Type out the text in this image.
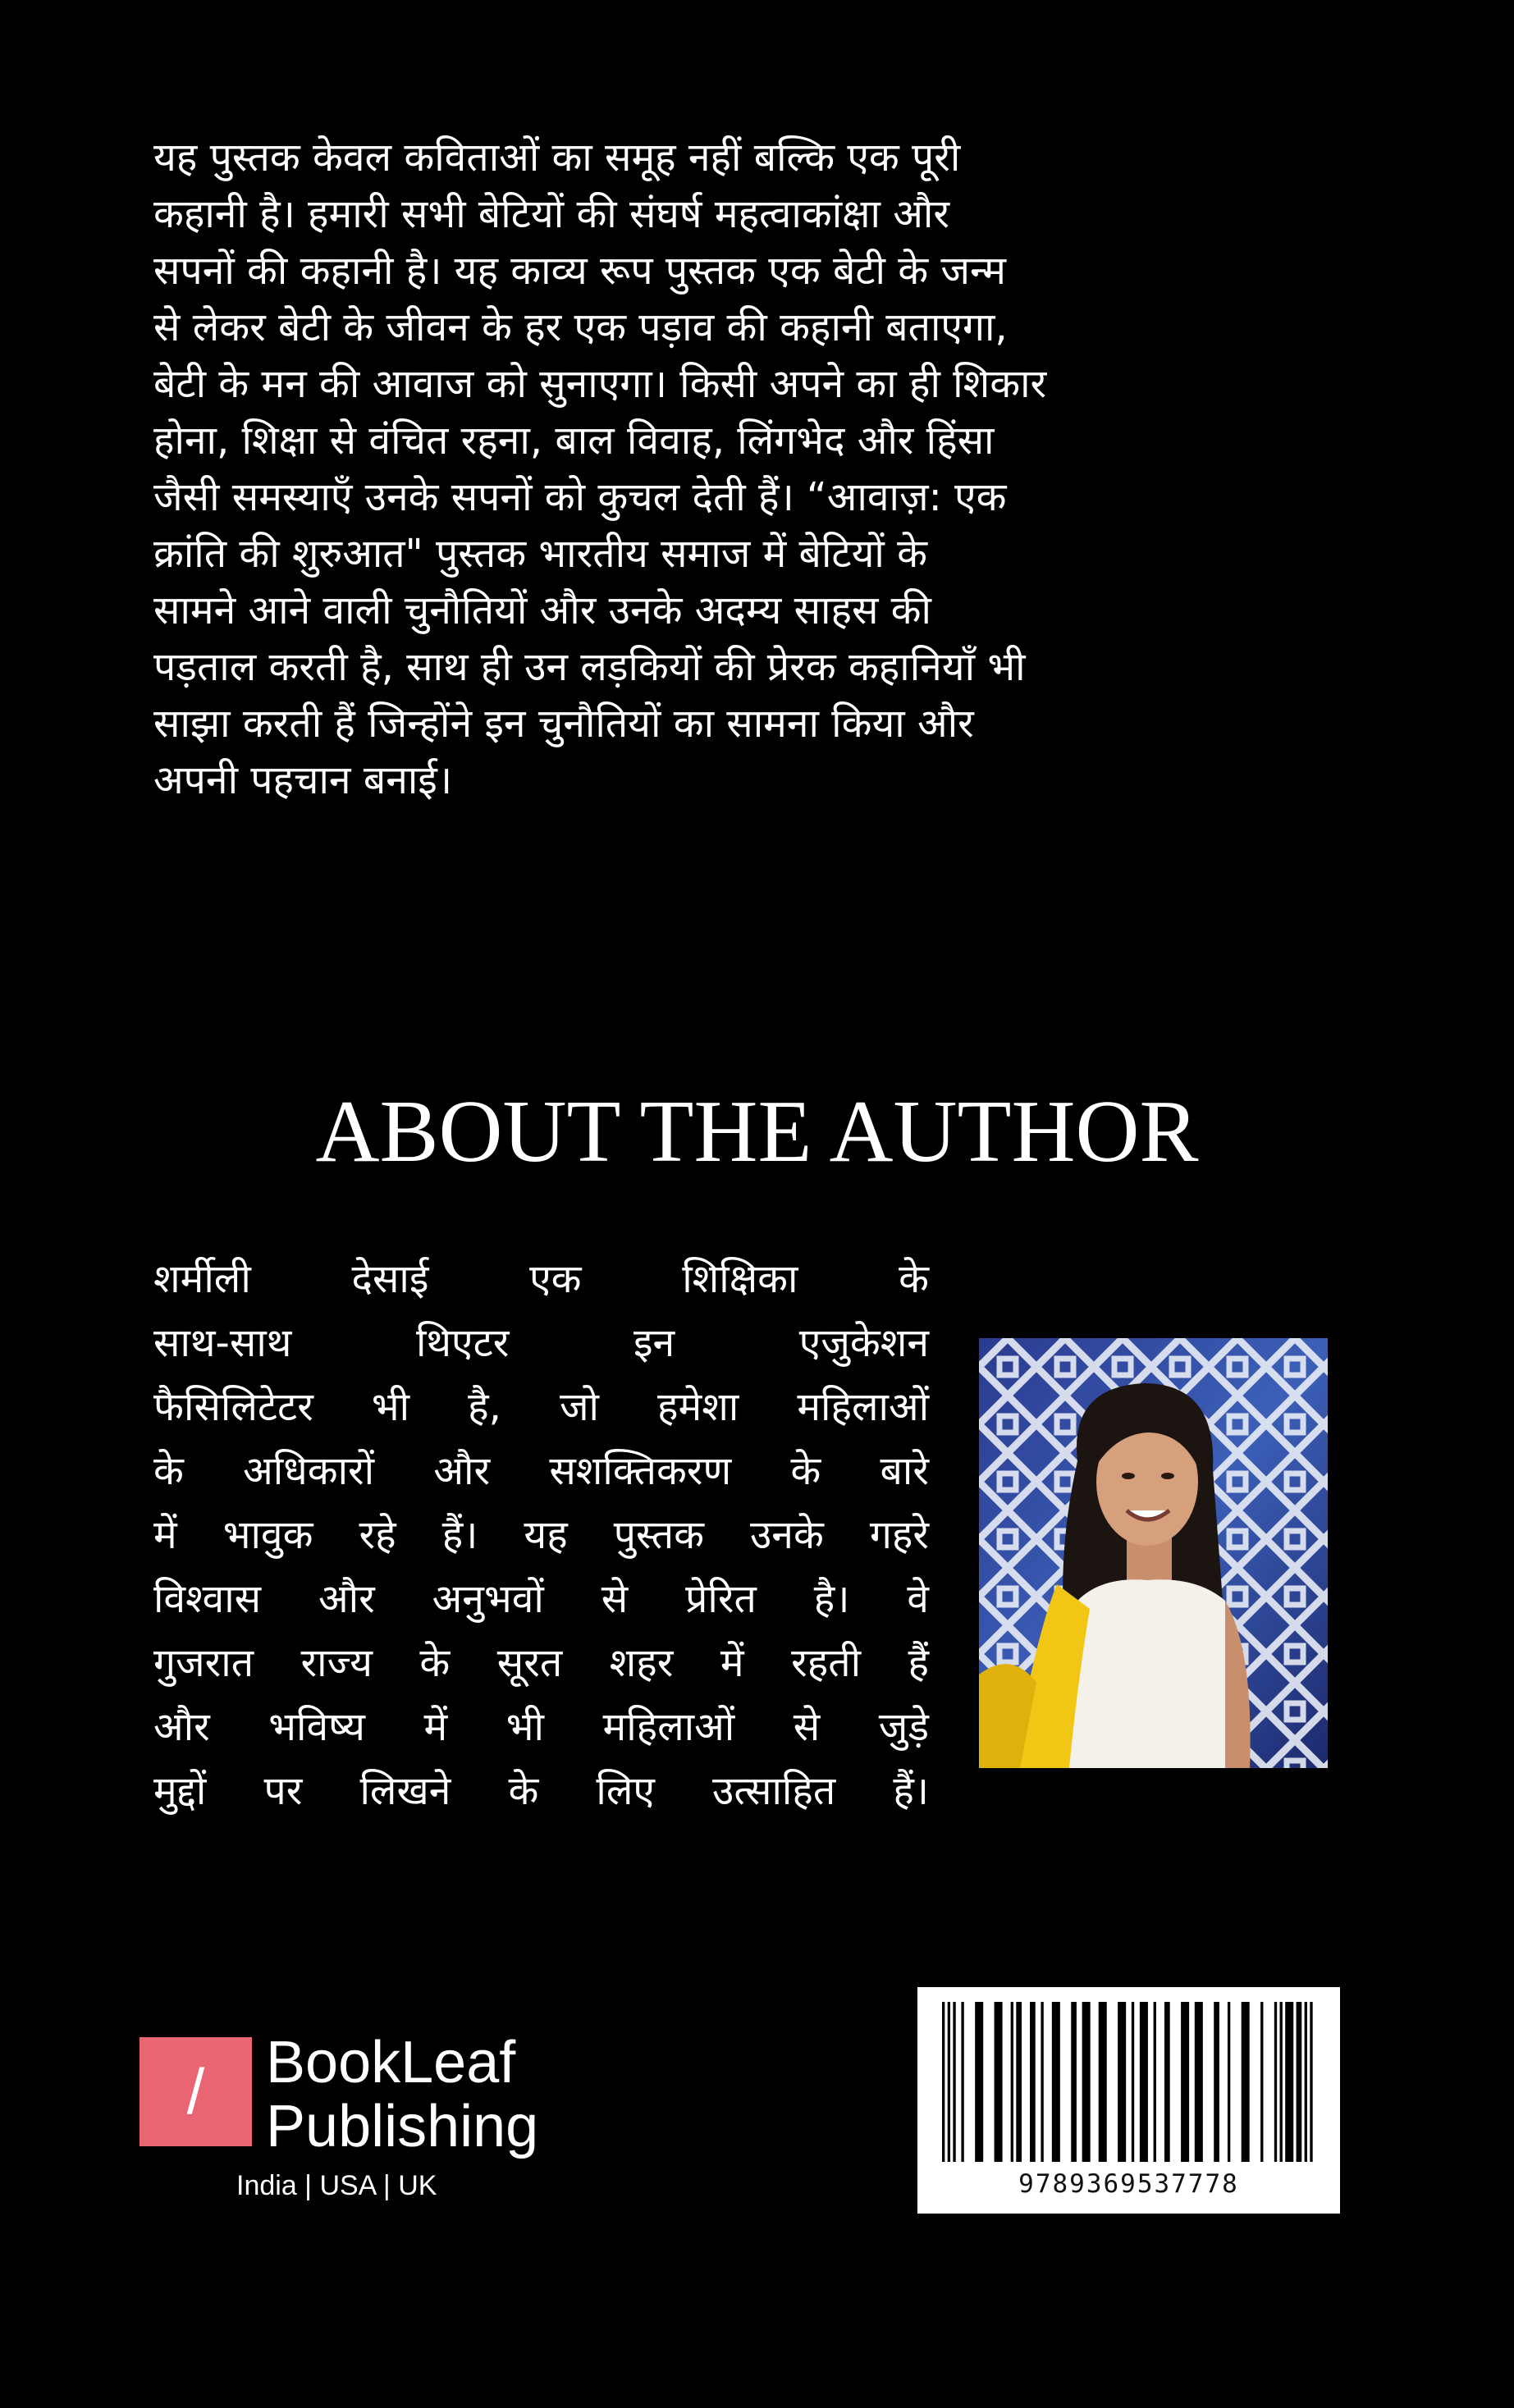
यह पुस्तक केवल कविताओं का समूह नहीं बल्कि एक पूरी
कहानी है। हमारी सभी बेटियों की संघर्ष महत्वाकांक्षा और
सपनों की कहानी है। यह काव्य रूप पुस्तक एक बेटी के जन्म
से लेकर बेटी के जीवन के हर एक पड़ाव की कहानी बताएगा,
बेटी के मन की आवाज को सुनाएगा। किसी अपने का ही शिकार
होना, शिक्षा से वंचित रहना, बाल विवाह, लिंगभेद और हिंसा
जैसी समस्याएँ उनके सपनों को कुचल देती हैं। “आवाज़: एक
क्रांति की शुरुआत" पुस्तक भारतीय समाज में बेटियों के
सामने आने वाली चुनौतियों और उनके अदम्य साहस की
पड़ताल करती है, साथ ही उन लड़कियों की प्रेरक कहानियाँ भी
साझा करती हैं जिन्होंने इन चुनौतियों का सामना किया और
अपनी पहचान बनाई।
ABOUT THE AUTHOR
शर्मीली देसाई एक शिक्षिका के
साथ-साथ थिएटर इन एजुकेशन
फैसिलिटेटर भी है, जो हमेशा महिलाओं
के अधिकारों और सशक्तिकरण के बारे
में भावुक रहे हैं। यह पुस्तक उनके गहरे
विश्वास और अनुभवों से प्रेरित है। वे
गुजरात राज्य के सूरत शहर में रहती हैं
और भविष्य में भी महिलाओं से जुड़े
मुद्दों पर लिखने के लिए उत्साहित हैं।
/	BookLeaf
Publishing
India | USA | UK	9789369537778
